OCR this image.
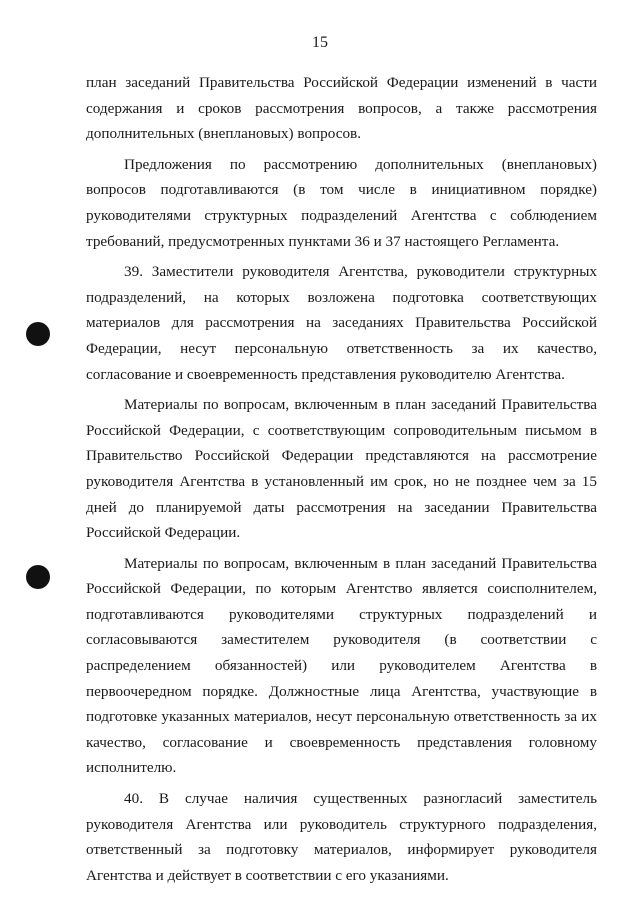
15

план заседаний Правительства Российской Федерации изменений в части содержания и сроков рассмотрения вопросов, а также рассмотрения дополнительных (внеплановых) вопросов.

Предложения по рассмотрению дополнительных (внеплановых) вопросов подготавливаются (в том числе в инициативном порядке) руководителями структурных подразделений Агентства с соблюдением требований, предусмотренных пунктами 36 и 37 настоящего Регламента.

39. Заместители руководителя Агентства, руководители структурных подразделений, на которых возложена подготовка соответствующих материалов для рассмотрения на заседаниях Правительства Российской Федерации, несут персональную ответственность за их качество, согласование и своевременность представления руководителю Агентства.

Материалы по вопросам, включенным в план заседаний Правительства Российской Федерации, с соответствующим сопроводительным письмом в Правительство Российской Федерации представляются на рассмотрение руководителя Агентства в установленный им срок, но не позднее чем за 15 дней до планируемой даты рассмотрения на заседании Правительства Российской Федерации.

Материалы по вопросам, включенным в план заседаний Правительства Российской Федерации, по которым Агентство является соисполнителем, подготавливаются руководителями структурных подразделений и согласовываются заместителем руководителя (в соответствии с распределением обязанностей) или руководителем Агентства в первоочередном порядке. Должностные лица Агентства, участвующие в подготовке указанных материалов, несут персональную ответственность за их качество, согласование и своевременность представления головному исполнителю.

40. В случае наличия существенных разногласий заместитель руководителя Агентства или руководитель структурного подразделения, ответственный за подготовку материалов, информирует руководителя Агентства и действует в соответствии с его указаниями.
